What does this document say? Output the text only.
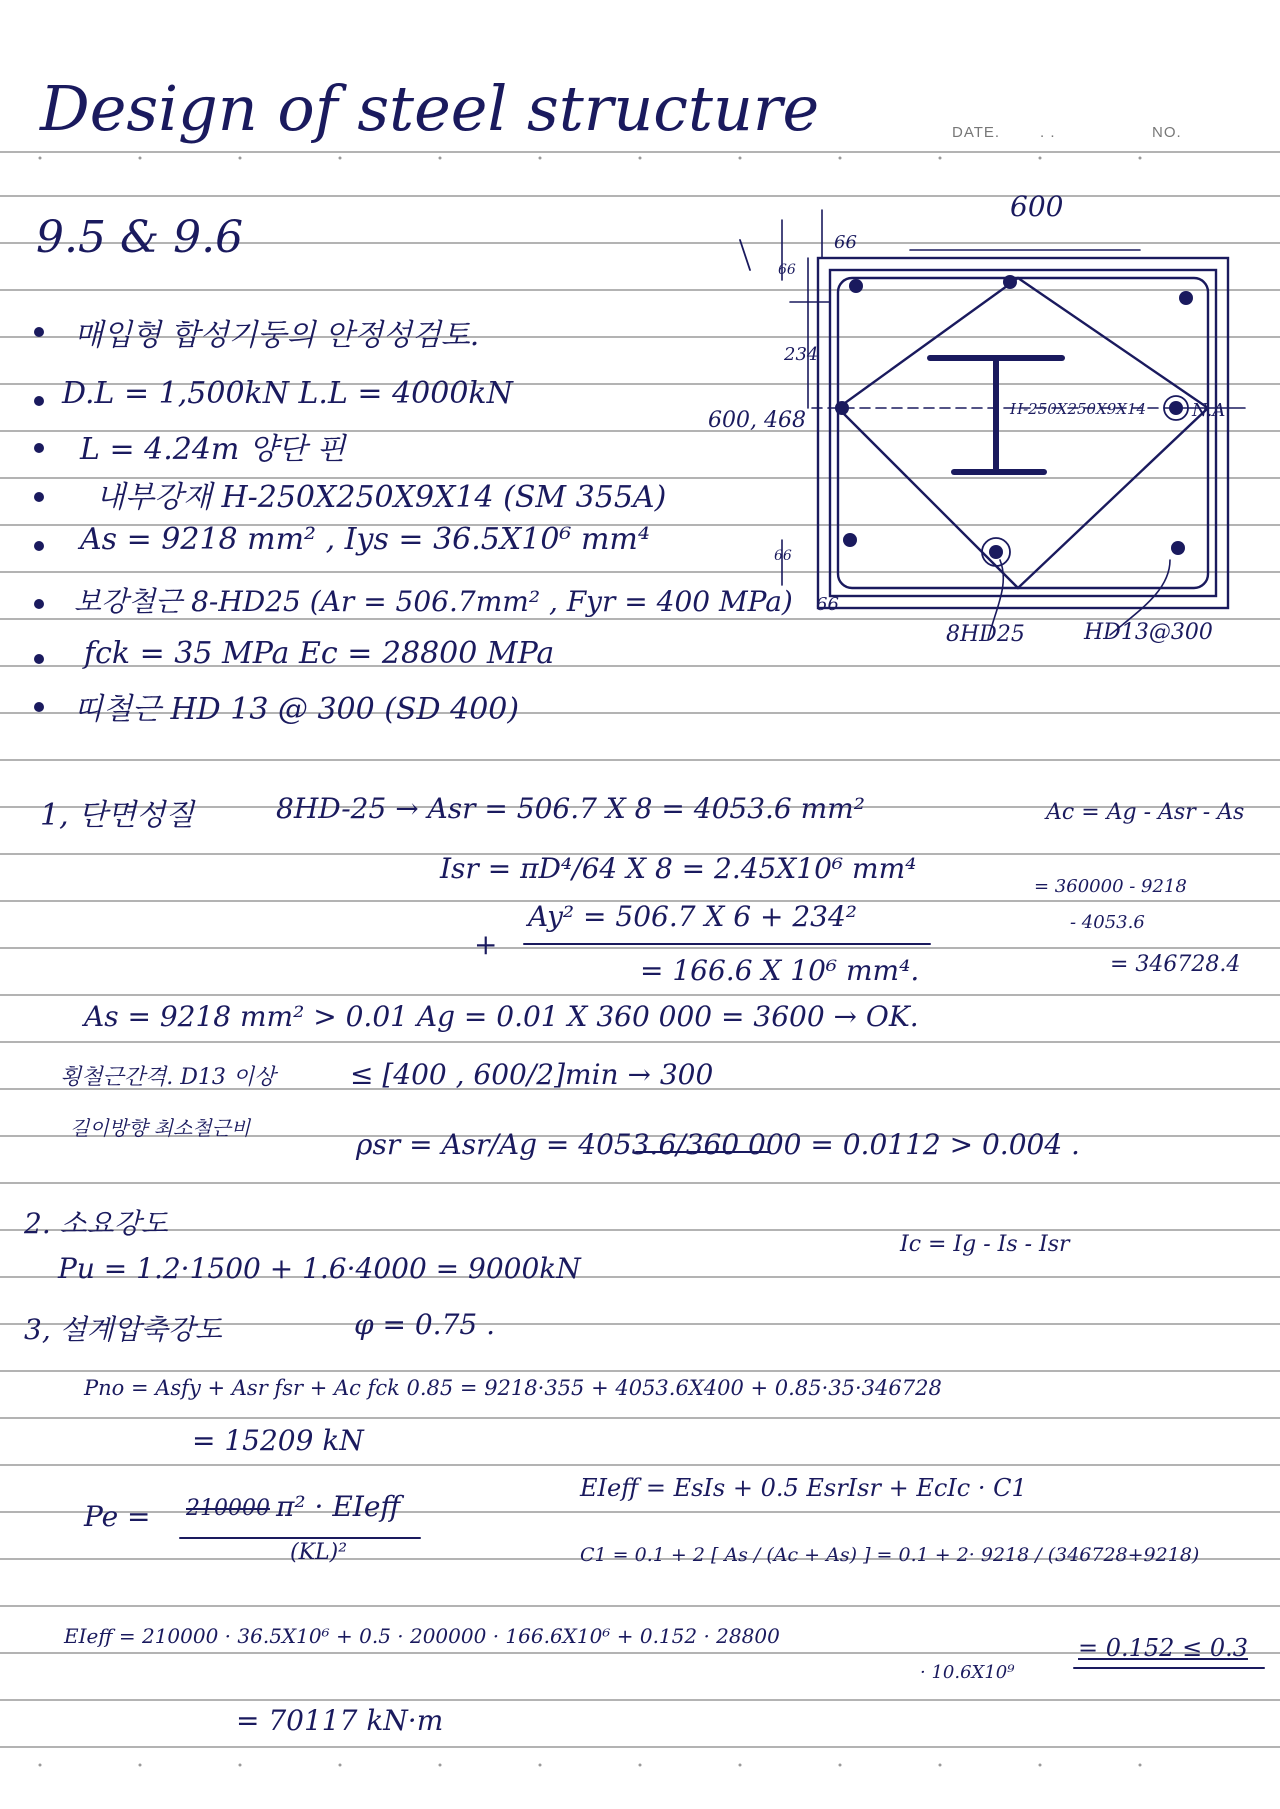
Design of steel structure	DATE.	. .	NO.
9.5 & 9.6
매입형 합성기둥의 안정성검토.
D.L = 1,500kN L.L = 4000kN
L = 4.24m 양단 핀
내부강재 H-250X250X9X14 (SM 355A)
As = 9218 mm² , Iys = 36.5X10⁶ mm⁴
보강철근 8-HD25 (Ar = 506.7mm² , Fyr = 400 MPa)
fck = 35 MPa Ec = 28800 MPa
띠철근 HD 13 @ 300 (SD 400)
600
66
66
234
600, 468	H-250X250X9X14	N.A
66
66
8HD25	HD13@300
1, 단면성질	8HD-25 → Asr = 506.7 X 8 = 4053.6 mm²
Isr = πD⁴/64 X 8 = 2.45X10⁶ mm⁴
+
Ay² = 506.7 X 6 + 234²
= 166.6 X 10⁶ mm⁴.
Ac = Ag - Asr - As
= 360000 - 9218
- 4053.6
= 346728.4
As = 9218 mm² > 0.01 Ag = 0.01 X 360 000 = 3600 → OK.
횡철근간격. D13 이상	≤ [400 , 600/2]min → 300
길이방향 최소철근비	ρsr = Asr/Ag = 4053.6/360 000 = 0.0112 > 0.004 .
2. 소요강도
Pu = 1.2·1500 + 1.6·4000 = 9000kN
Ic = Ig - Is - Isr
3, 설계압축강도	φ = 0.75 .
Pno = Asfy + Asr fsr + Ac fck 0.85 = 9218·355 + 4053.6X400 + 0.85·35·346728
= 15209 kN
Pe = 210000 π² · EIeff
(KL)²
EIeff = EsIs + 0.5 EsrIsr + EcIc · C1
C1 = 0.1 + 2 [ As / (Ac + As) ] = 0.1 + 2· 9218 / (346728+9218)
= 0.152 ≤ 0.3
EIeff = 210000 · 36.5X10⁶ + 0.5 · 200000 · 166.6X10⁶ + 0.152 · 28800
· 10.6X10⁹
= 70117 kN·m
